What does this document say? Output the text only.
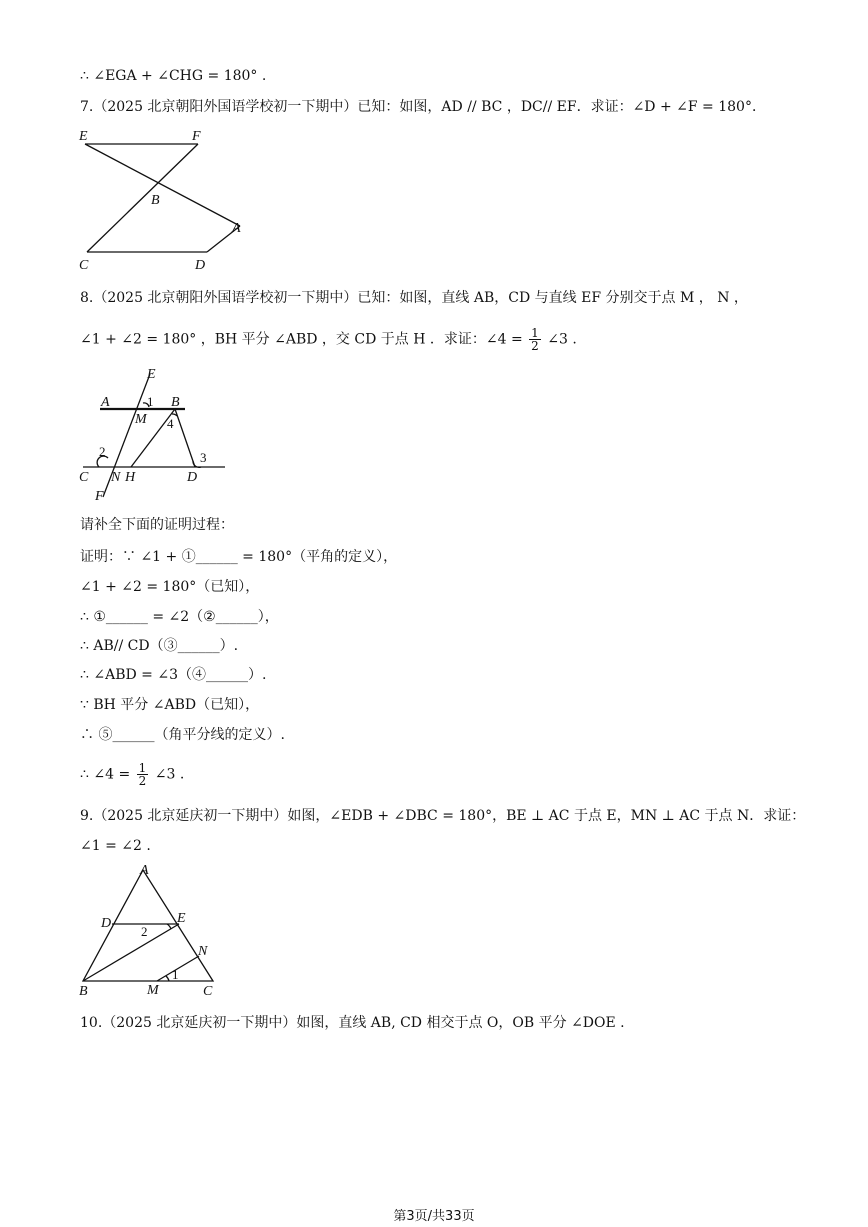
∴ ∠EGA + ∠CHG = 180° .
7.（2025 北京朝阳外国语学校初一下期中）已知：如图，AD // BC ，DC// EF．求证：∠D + ∠F = 180°．
E	F
B
A
C	D
8.（2025 北京朝阳外国语学校初一下期中）已知：如图，直线 AB，CD 与直线 EF 分别交于点 M ， N ，
∠1 + ∠2 = 180° ，BH 平分 ∠ABD ，交 CD 于点 H ．求证：∠4 = $\frac{1}{2}$ ∠3 .
E
A	1 B
M 4
2	3
C N H	D
F
请补全下面的证明过程：
证明：∵ ∠1 + ①______ = 180°（平角的定义），
∠1 + ∠2 = 180°（已知），
∴ ①______ = ∠2（②______），
∴ AB// CD（③______）.
∴ ∠ABD = ∠3（④______）.
∵ BH 平分 ∠ABD（已知），
∴ ⑤______（角平分线的定义）.
∴ ∠4 = $\frac{1}{2}$ ∠3 .
9.（2025 北京延庆初一下期中）如图，∠EDB + ∠DBC = 180°，BE ⊥ AC 于点 E，MN ⊥ AC 于点 N．求证：
∠1 = ∠2 .
A
D	E
2
N
1
B	M	C
10.（2025 北京延庆初一下期中）如图，直线 AB, CD 相交于点 O，OB 平分 ∠DOE .
第3页/共33页
